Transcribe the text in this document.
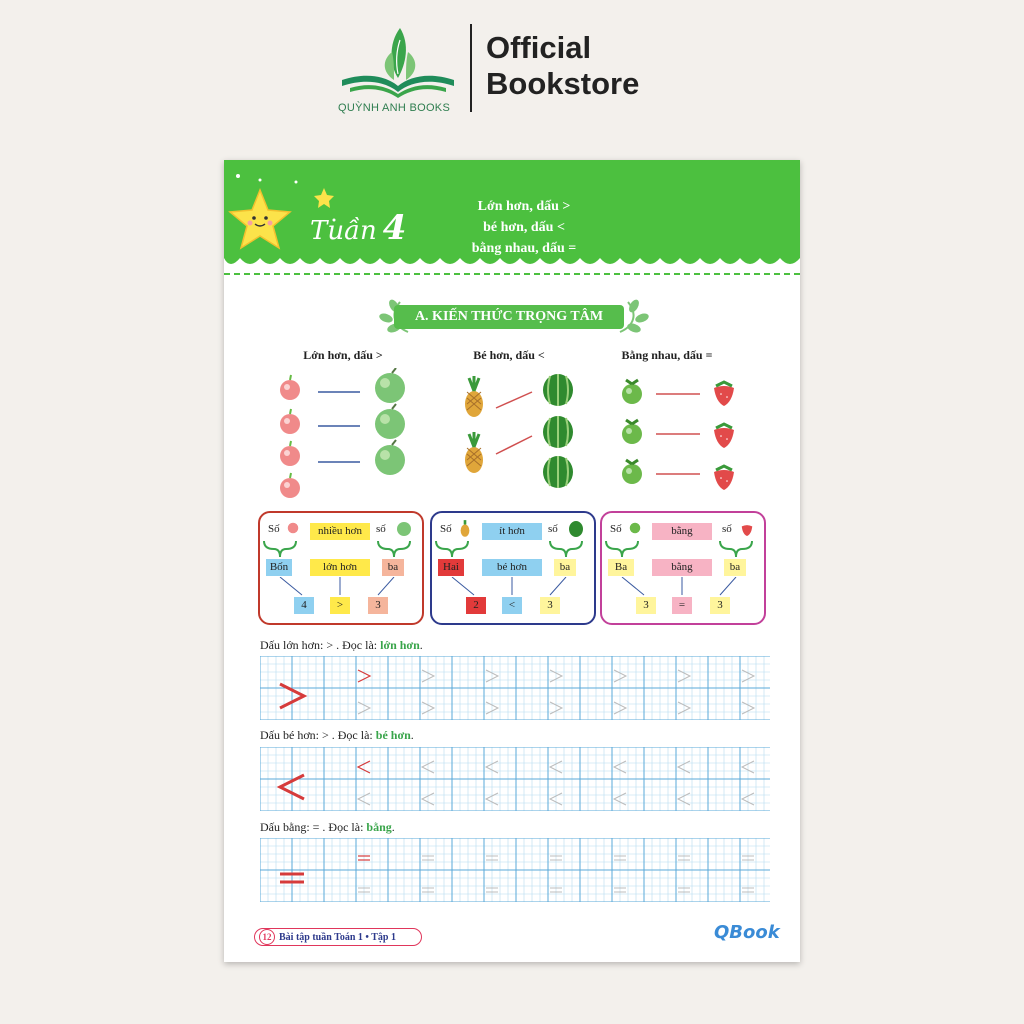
QUỲNH ANH BOOKS
Official
Bookstore
Tuần 4
Lớn hơn, dấu >
bé hơn, dấu <
bằng nhau, dấu =
A. KIẾN THỨC TRỌNG TÂM
Lớn hơn, dấu >	Bé hơn, dấu <	Bằng nhau, dấu =
Số	nhiều hơn	số
Bốn	lớn hơn	ba
4	>	3
Số	ít hơn	số
Hai	bé hơn	ba
2	<	3
Số	bằng	số
Ba	bằng	ba
3	=	3
Dấu lớn hơn: > . Đọc là: lớn hơn.
Dấu bé hơn: > . Đọc là: bé hơn.
Dấu bằng: = . Đọc là: bằng.
12 Bài tập tuần Toán 1 • Tập 1	QBook
